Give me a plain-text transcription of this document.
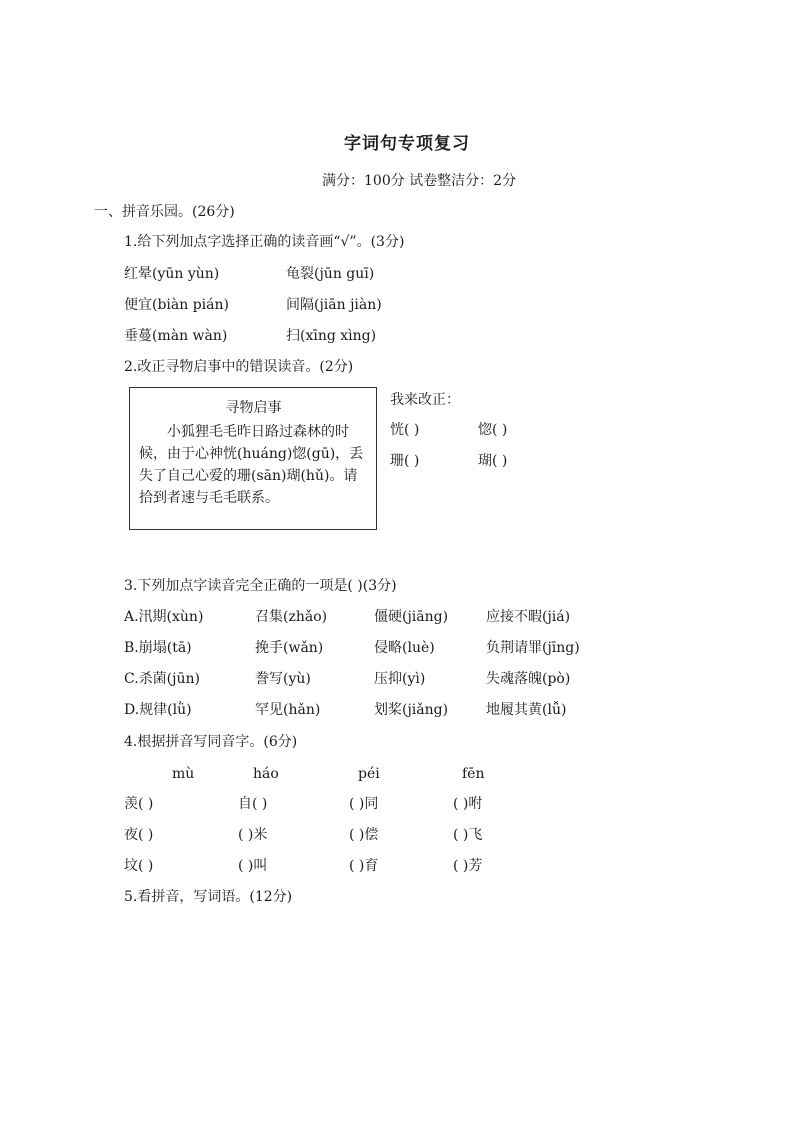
字词句专项复习
满分：100分 试卷整洁分：2分
一、拼音乐园。(26分)
1.给下列加点字选择正确的读音画“√”。(3分)
红晕(yūn yùn)	龟裂(jūn guī)
便宜(biàn pián)	间隔(jiān jiàn)
垂蔓(màn wàn)	扫(xīng xìng)
2.改正寻物启事中的错误读音。(2分)
寻物启事
小狐狸毛毛昨日路过森林的时候，由于心神恍(huáng)惚(gū)，丢失了自己心爱的珊(sān)瑚(hǔ)。请拾到者速与毛毛联系。
我来改正：
恍( )	惚( )
珊( )	瑚( )
3.下列加点字读音完全正确的一项是( )(3分)
A.汛期(xùn)	召集(zhǎo)	僵硬(jiāng)	应接不暇(jiá)
B.崩塌(tā)	挽手(wǎn)	侵略(luè)	负荆请罪(jīng)
C.杀菌(jūn)	誊写(yù)	压抑(yì)	失魂落魄(pò)
D.规律(lǜ)	罕见(hǎn)	划桨(jiǎng)	地履其黄(lǚ)
4.根据拼音写同音字。(6分)
mù	háo	péi	fēn
羡( )	自( )	( )同	( )咐
夜( )	( )米	( )偿	( )飞
坟( )	( )叫	( )育	( )芳
5.看拼音，写词语。(12分)
